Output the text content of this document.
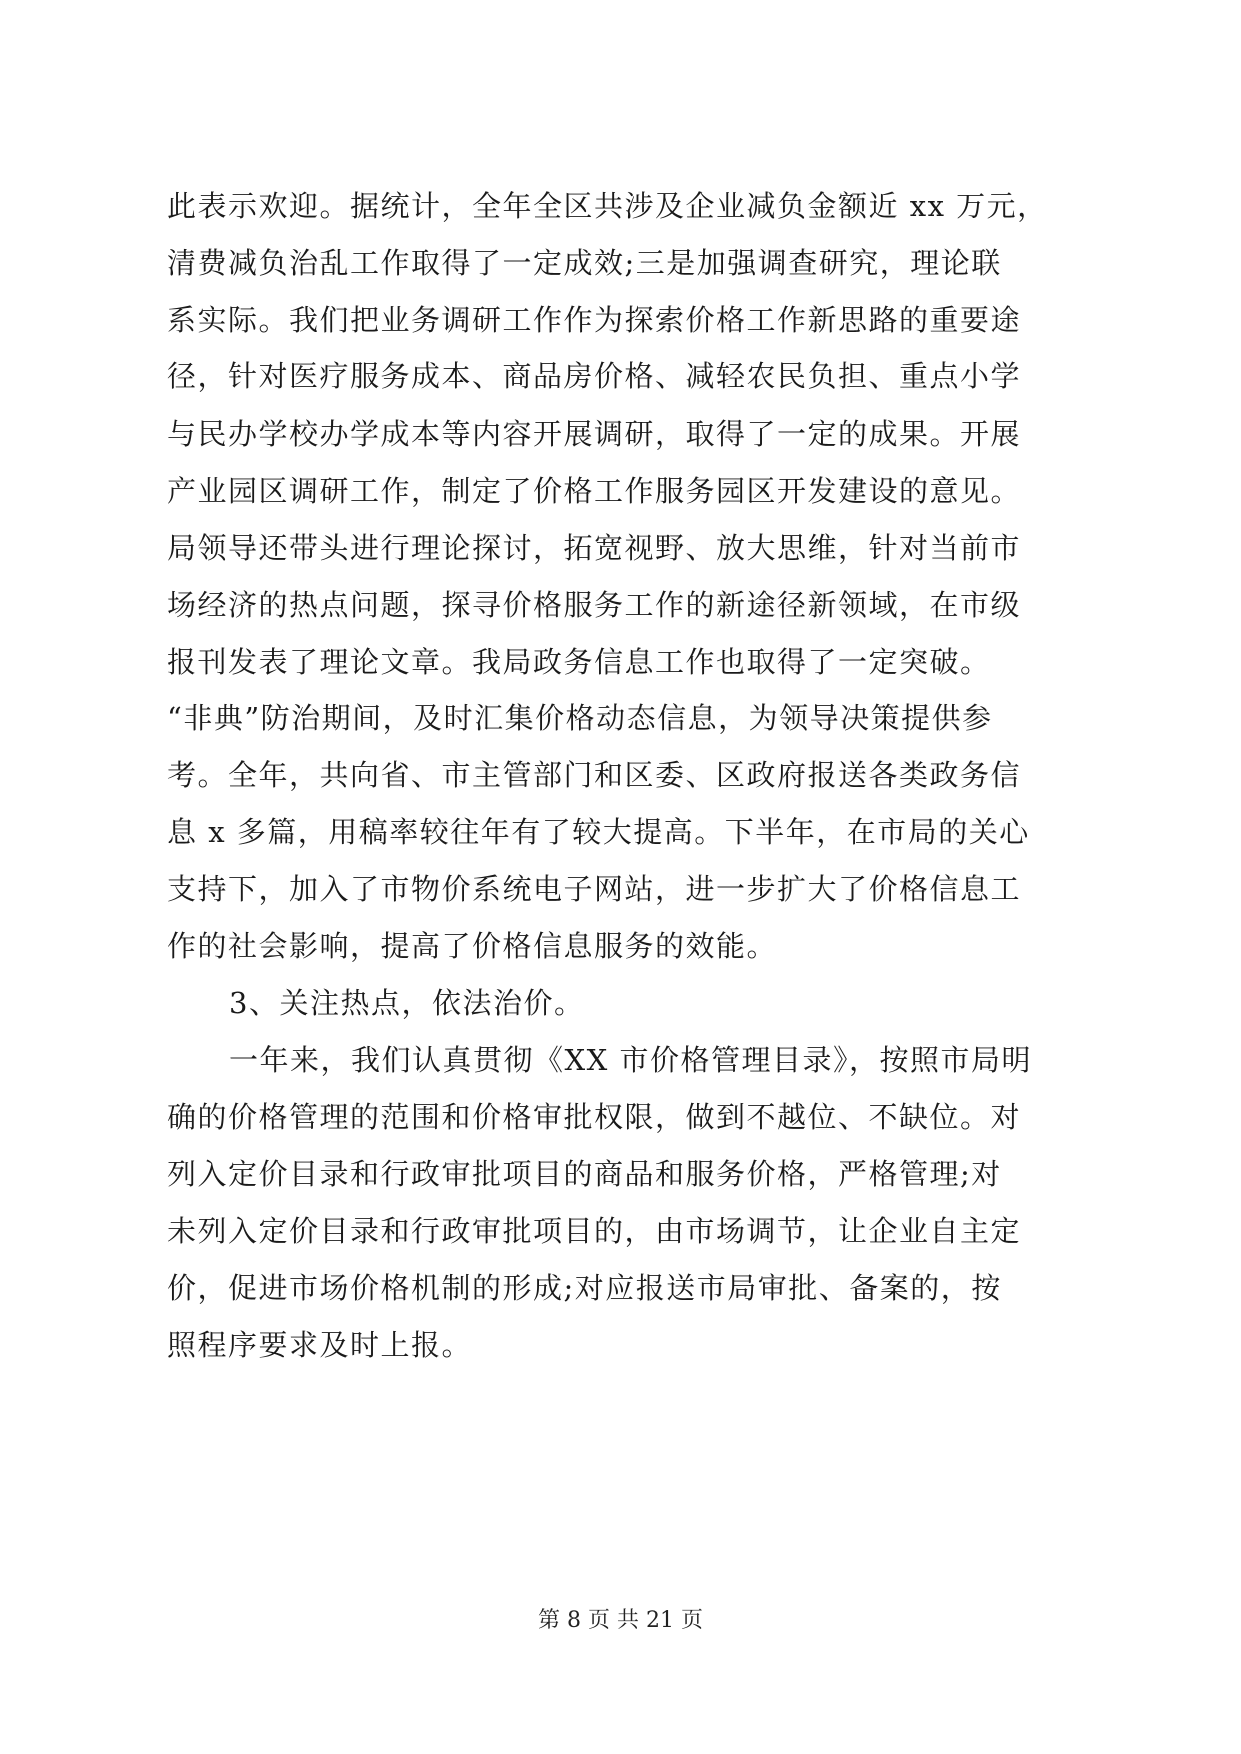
此表示欢迎。据统计，全年全区共涉及企业减负金额近 xx 万元，
清费减负治乱工作取得了一定成效;三是加强调查研究，理论联
系实际。我们把业务调研工作作为探索价格工作新思路的重要途
径，针对医疗服务成本、商品房价格、减轻农民负担、重点小学
与民办学校办学成本等内容开展调研，取得了一定的成果。开展
产业园区调研工作，制定了价格工作服务园区开发建设的意见。
局领导还带头进行理论探讨，拓宽视野、放大思维，针对当前市
场经济的热点问题，探寻价格服务工作的新途径新领域，在市级
报刊发表了理论文章。我局政务信息工作也取得了一定突破。
“非典”防治期间，及时汇集价格动态信息，为领导决策提供参
考。全年，共向省、市主管部门和区委、区政府报送各类政务信
息 x 多篇，用稿率较往年有了较大提高。下半年，在市局的关心
支持下，加入了市物价系统电子网站，进一步扩大了价格信息工
作的社会影响，提高了价格信息服务的效能。
3、关注热点，依法治价。
一年来，我们认真贯彻《XX 市价格管理目录》，按照市局明
确的价格管理的范围和价格审批权限，做到不越位、不缺位。对
列入定价目录和行政审批项目的商品和服务价格，严格管理;对
未列入定价目录和行政审批项目的，由市场调节，让企业自主定
价，促进市场价格机制的形成;对应报送市局审批、备案的，按
照程序要求及时上报。
第 8 页 共 21 页
